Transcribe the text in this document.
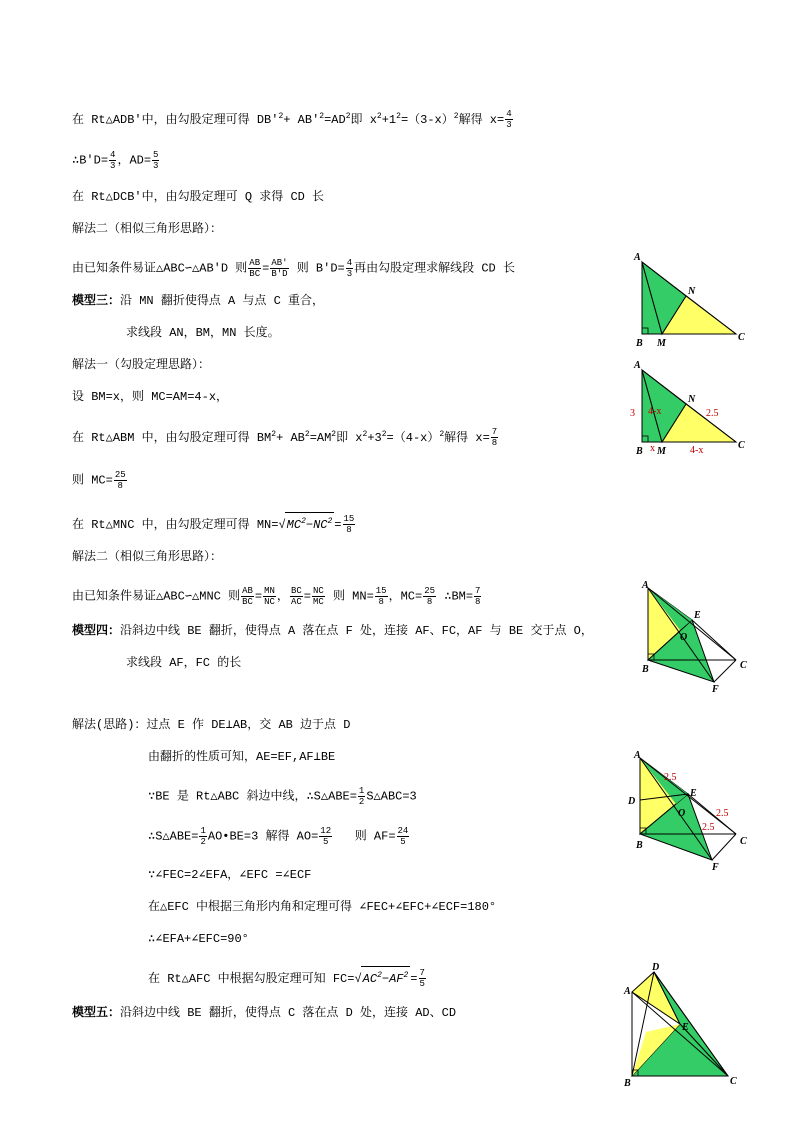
在 Rt△ADB′中，由勾股定理可得 $DB'^2+ AB'^2=AD^2$即 $x^2+1^2=(3-x)^2$解得 $x= \frac{4}{3}$
∴B′D= $\frac{4}{3}$ ，$AD= \frac{5}{3}$
在 Rt△DCB′中，由勾股定理可 Q 求得 CD 长
解法二（相似三角形思路）：
由已知条件易证△ABC∽△AB′D 则 $\frac{AB}{BC} = \frac{AB'}{B'D}$ 则 $B'D= \frac{4}{3}$ 再由勾股定理求解线段 CD 长
模型三：沿 MN 翻折使得点 A 与点 C 重合，
求线段 AN，BM，MN 长度。
解法一（勾股定理思路）：
设 BM=x，则 MC=AM=4-x，
在 Rt△ABM 中，由勾股定理可得 $BM^2+ AB^2=AM^2$即 $x^2+3^2=(4-x)^2$解得 $x= \frac{7}{8}$
则 $MC= \frac{25}{8}$
在 Rt△MNC 中，由勾股定理可得 $MN=√MC^2-NC^2 = \frac{15}{8}$
解法二（相似三角形思路）：
由已知条件易证△ABC∽△MNC 则 $\frac{AB}{BC} = \frac{MN}{NC}$ ， $\frac{BC}{AC} = \frac{NC}{MC}$ 则 $MN= \frac{15}{8}$ ，$MC= \frac{25}{8}$ ∴BM= $\frac{7}{8}$
模型四：沿斜边中线 BE 翻折，使得点 A 落在点 F 处，连接 AF、FC，AF 与 BE 交于点 O，
求线段 AF，FC 的长
解法(思路)：过点 E 作 DE⊥AB，交 AB 边于点 D
由翻折的性质可知，AE=EF,AF⊥BE
∵BE 是 Rt△ABC 斜边中线，∴S△ABE= $\frac{1}{2}$ S△ABC=3
∴S△ABE= $\frac{1}{2}$ AO•BE=3 解得 $AO= \frac{12}{5}$ 则 $AF= \frac{24}{5}$
∵∠FEC=2∠EFA，∠EFC =∠ECF
在△EFC 中根据三角形内角和定理可得 ∠FEC+∠EFC+∠ECF=180°
∴∠EFA+∠EFC=90°
在 Rt△AFC 中根据勾股定理可知 $FC=√AC^2-AF^2 = \frac{7}{5}$
模型五：沿斜边中线 BE 翻折，使得点 C 落在点 D 处，连接 AD、CD
A
B M
N
C
A
B M
N
C
3 4-x	2.5
x	4-x
A
B
E
O
C
F
A
D
B
E
O
C
F
2.5
2.5
2.5
A
D
E
B	C
